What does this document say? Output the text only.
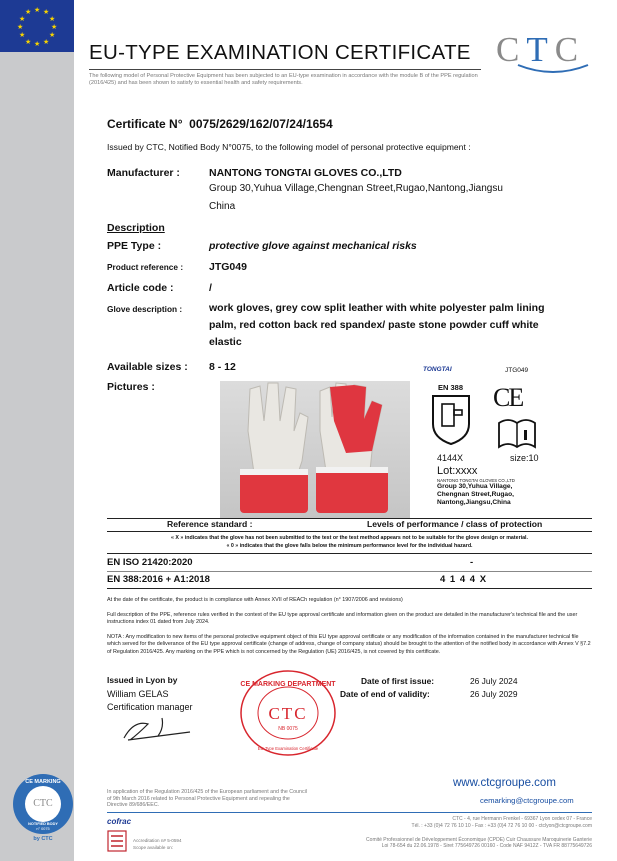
★ ★
★
★
★
★
★
★
★
★
★
★
EU-TYPE EXAMINATION CERTIFICATE CTC
The following model of Personal Protective Equipment has been subjected to an EU-type examination in accordance with the module B of the PPE regulation (2016/425) and has been shown to satisfy to essential health and safety requirements.
Certificate N° 0075/2629/162/07/24/1654
Issued by CTC, Notified Body N°0075, to the following model of personal protective equipment :
Manufacturer :	NANTONG TONGTAI GLOVES CO.,LTD
Group 30,Yuhua Village,Chengnan Street,Rugao,Nantong,Jiangsu
China
Description
PPE Type :	protective glove against mechanical risks
Product reference : JTG049
Article code :	/
Glove description :	work gloves, grey cow split leather with white polyester palm lining
palm, red cotton back red spandex/ paste stone powder cuff white
elastic
Available sizes : 8 - 12
Pictures :
TONGTAI	JTG049
EN 388 CE
4144X	size:10
Lot:xxxx
NANTONG TONGTAI GLOVES CO.,LTD
Group 30,Yuhua Village,
Chengnan Street,Rugao,
Nantong,Jiangsu,China
Reference standard :	Levels of performance / class of protection
« X » indicates that the glove has not been submitted to the test or the test method appears not to be suitable for the glove design or material.
« 0 » indicates that the glove falls below the minimum performance level for the individual hazard.
EN ISO 21420:2020	-
EN 388:2016 + A1:2018	4 1 4 4 X
At the date of the certificate, the product is in compliance with Annex XVII of REACh regulation (n° 1907/2006 and revisions)
Full description of the PPE, reference rules verified in the context of the EU type approval certificate and information given on the product are detailed in the manufacturer's technical file and the user instructions index 01 dated from July 2024.
NOTA : Any modification to new items of the personal protective equipment object of this EU type approval certificate or any modification of the information contained in the manufacturer technical file which served for the deliverance of the EU type approval certificate (change of address, change of company status) should be brought to the attention of the notified body in accordance with Annex V §7.2 of Regulation 2016/425. Any marking on the PPE which is not concerned by the Regulation (UE) 2016/425, is not covered by this certificate.
Issued in Lyon by
William GELAS
Certification manager
CE MARKING DEPARTMENT
CTC
NB 0075
EU-Type Examination Certificate
Date of first issue:	26 July 2024
Date of end of validity:	26 July 2029
CE MARKING
CTC
NOTIFIED BODY
n° 0075
by CTC
In application of the Regulation 2016/425 of the European parliament and the Council of 9th March 2016 related to Personal Protective Equipment and repealing the Directive 89/686/EEC.
www.ctcgroupe.com
cemarking@ctcgroupe.com
CTC - 4, rue Hermann Frenkel - 69367 Lyon cedex 07 - France
Tél. : +33 (0)4 72 76 10 10 - Fax : +33 (0)4 72 76 10 00 - ctclyon@ctcgroupe.com
Comité Professionnel de Développement Économique (CPDE) Cuir Chaussure Maroquinerie Ganterie
Loi 78-654 du 22.06.1978 - Siret 775649726 00160 - Code NAF 9412Z - TVA FR 88775649726
cofrac
Accreditation n# 5-0594
Scope available on:
